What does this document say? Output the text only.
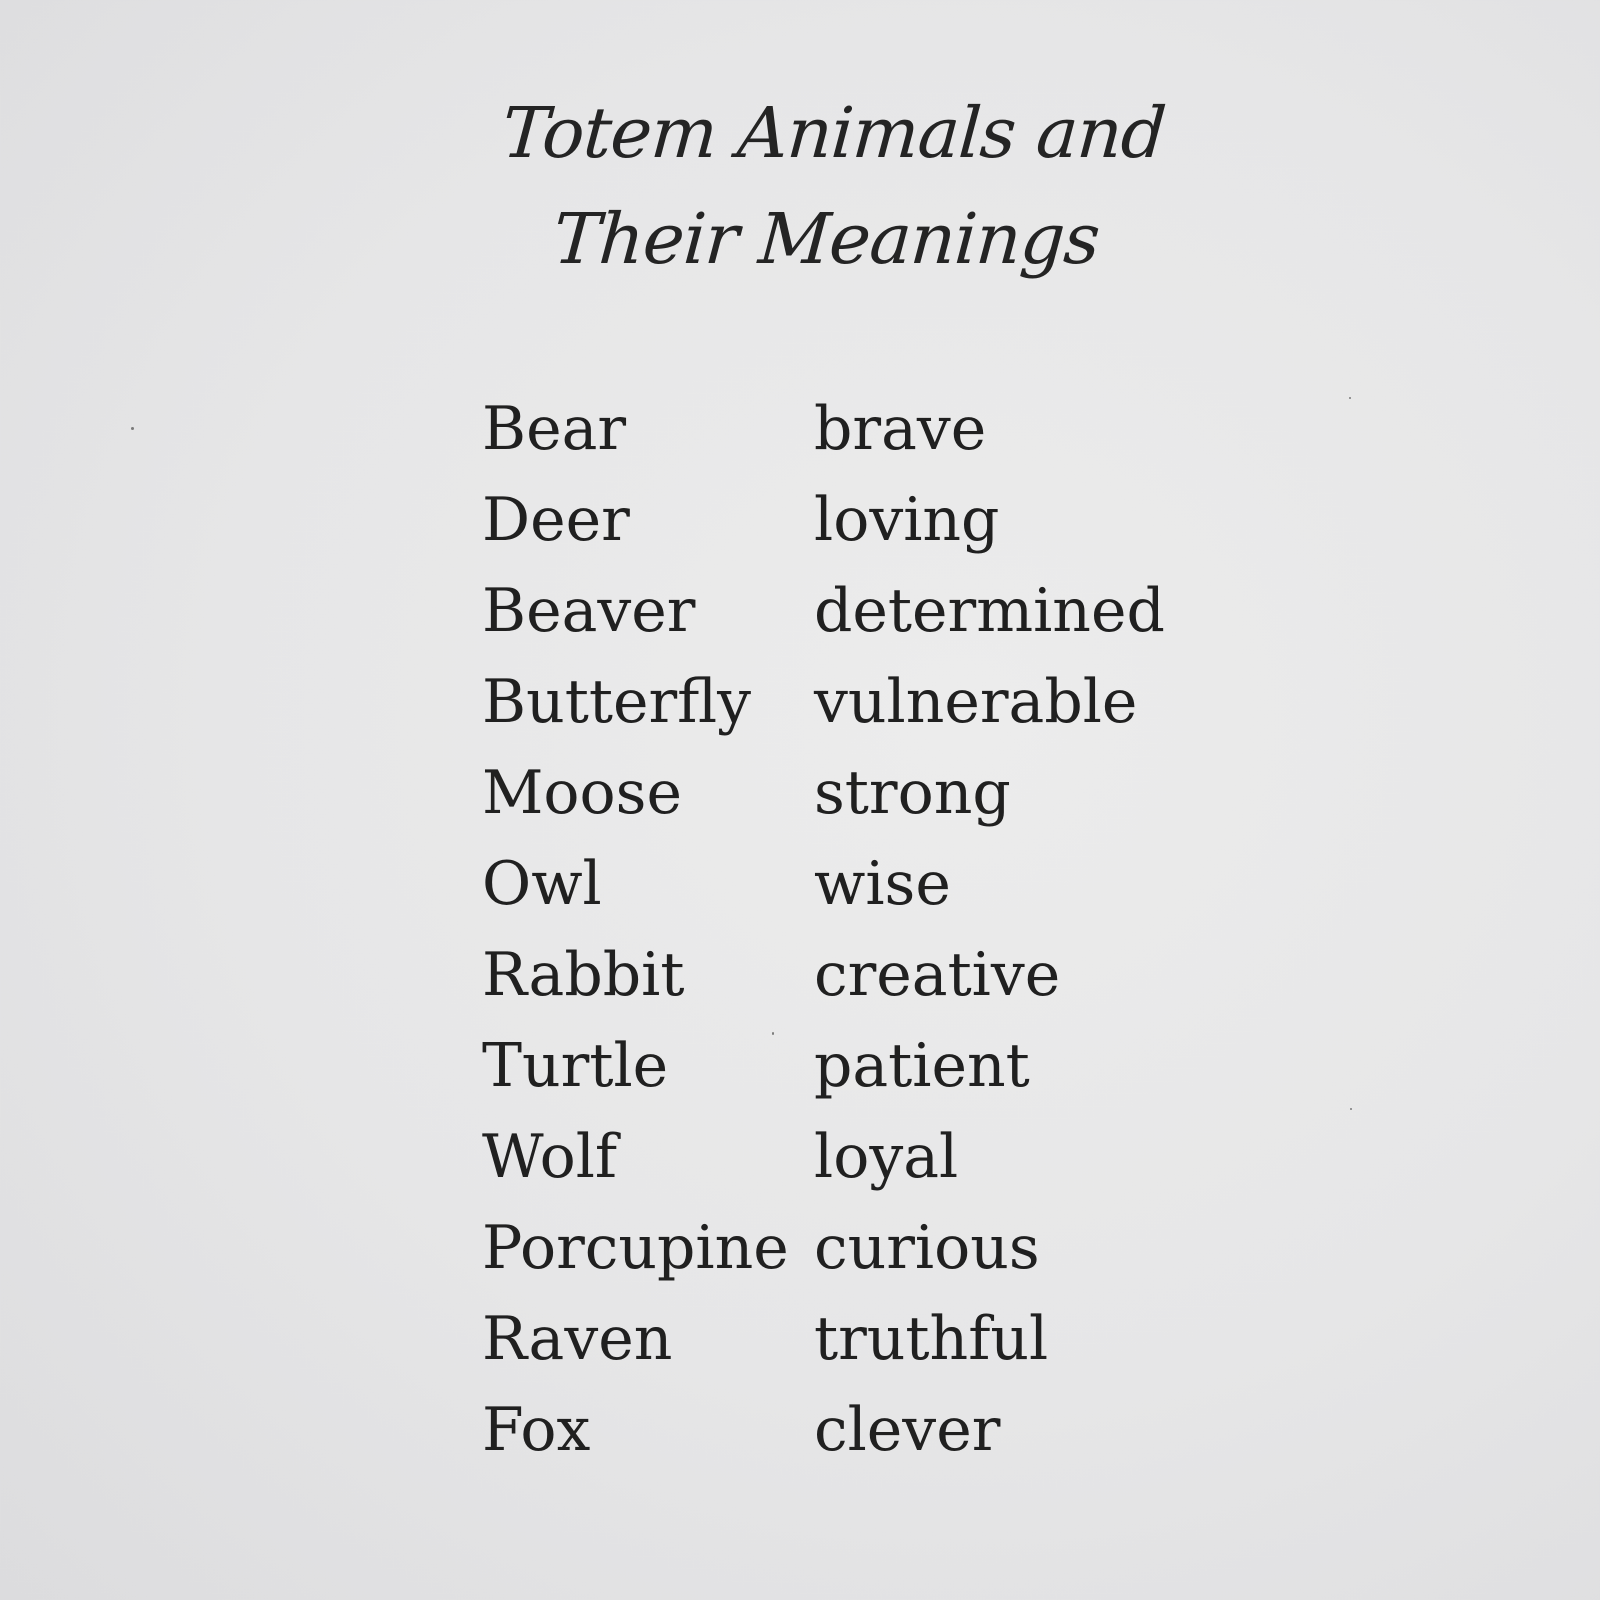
Totem Animals and
Their Meanings
Bear	brave
Deer	loving
Beaver	determined
Butterfly	vulnerable
Moose	strong
Owl	wise
Rabbit	creative
Turtle	patient
Wolf	loyal
Porcupine curious
Raven	truthful
Fox	clever
